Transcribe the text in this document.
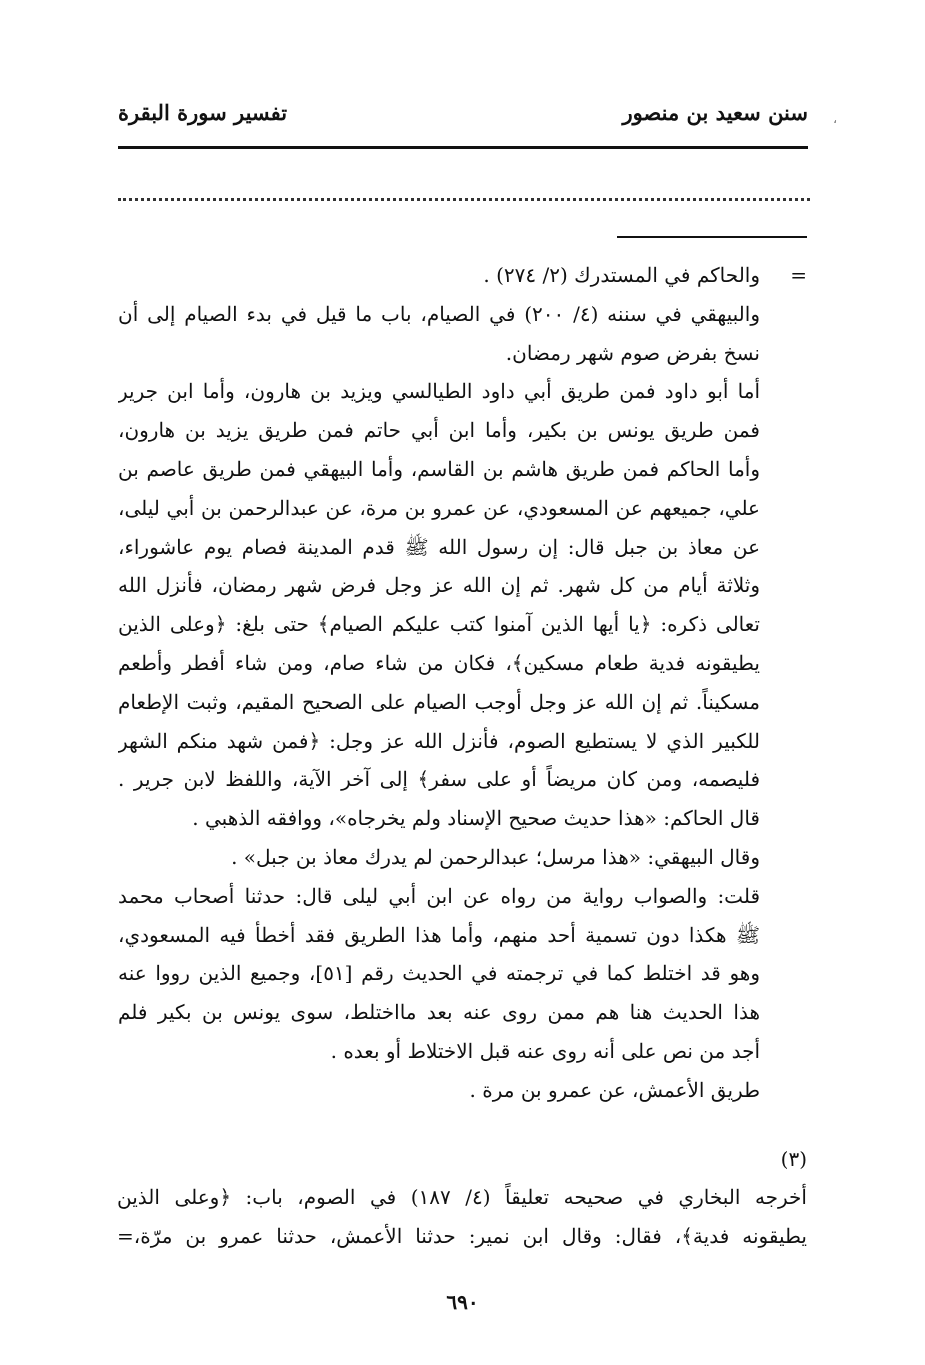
،
سنن سعيد بن منصور
تفسير سورة البقرة
=
والحاكم في المستدرك (٢/ ٢٧٤) .
والبيهقي في سننه (٤/ ٢٠٠) في الصيام، باب ما قيل في بدء الصيام إلى أن
نسخ بفرض صوم شهر رمضان.
أما أبو داود فمن طريق أبي داود الطيالسي ويزيد بن هارون، وأما ابن جرير
فمن طريق يونس بن بكير، وأما ابن أبي حاتم فمن طريق يزيد بن هارون،
وأما الحاكم فمن طريق هاشم بن القاسم، وأما البيهقي فمن طريق عاصم بن
علي، جميعهم عن المسعودي، عن عمرو بن مرة، عن عبدالرحمن بن أبي ليلى،
عن معاذ بن جبل قال: إن رسول الله ﷺ قدم المدينة فصام يوم عاشوراء،
وثلاثة أيام من كل شهر. ثم إن الله عز وجل فرض شهر رمضان، فأنزل الله
تعالى ذكره: ﴿يا أيها الذين آمنوا كتب عليكم الصيام﴾ حتى بلغ: ﴿وعلى الذين
يطيقونه فدية طعام مسكين﴾، فكان من شاء صام، ومن شاء أفطر وأطعم
مسكيناً. ثم إن الله عز وجل أوجب الصيام على الصحيح المقيم، وثبت الإطعام
للكبير الذي لا يستطيع الصوم، فأنزل الله عز وجل: ﴿فمن شهد منكم الشهر
فليصمه، ومن كان مريضاً أو على سفر﴾ إلى آخر الآية، واللفظ لابن جرير .
قال الحاكم: «هذا حديث صحيح الإسناد ولم يخرجاه»، ووافقه الذهبي .
وقال البيهقي: «هذا مرسل؛ عبدالرحمن لم يدرك معاذ بن جبل» .
قلت: والصواب رواية من رواه عن ابن أبي ليلى قال: حدثنا أصحاب محمد
ﷺ هكذا دون تسمية أحد منهم، وأما هذا الطريق فقد أخطأ فيه المسعودي،
وهو قد اختلط كما في ترجمته في الحديث رقم [٥١]، وجميع الذين رووا عنه
هذا الحديث هنا هم ممن روى عنه بعد مااختلط، سوى يونس بن بكير فلم
أجد من نص على أنه روى عنه قبل الاختلاط أو بعده .
طريق الأعمش، عن عمرو بن مرة .
(٣)
أخرجه البخاري في صحيحه تعليقاً (٤/ ١٨٧) في الصوم، باب: ﴿وعلى الذين
يطيقونه فدية﴾، فقال: وقال ابن نمير: حدثنا الأعمش، حدثنا عمرو بن مرّة،=
٦٩٠
